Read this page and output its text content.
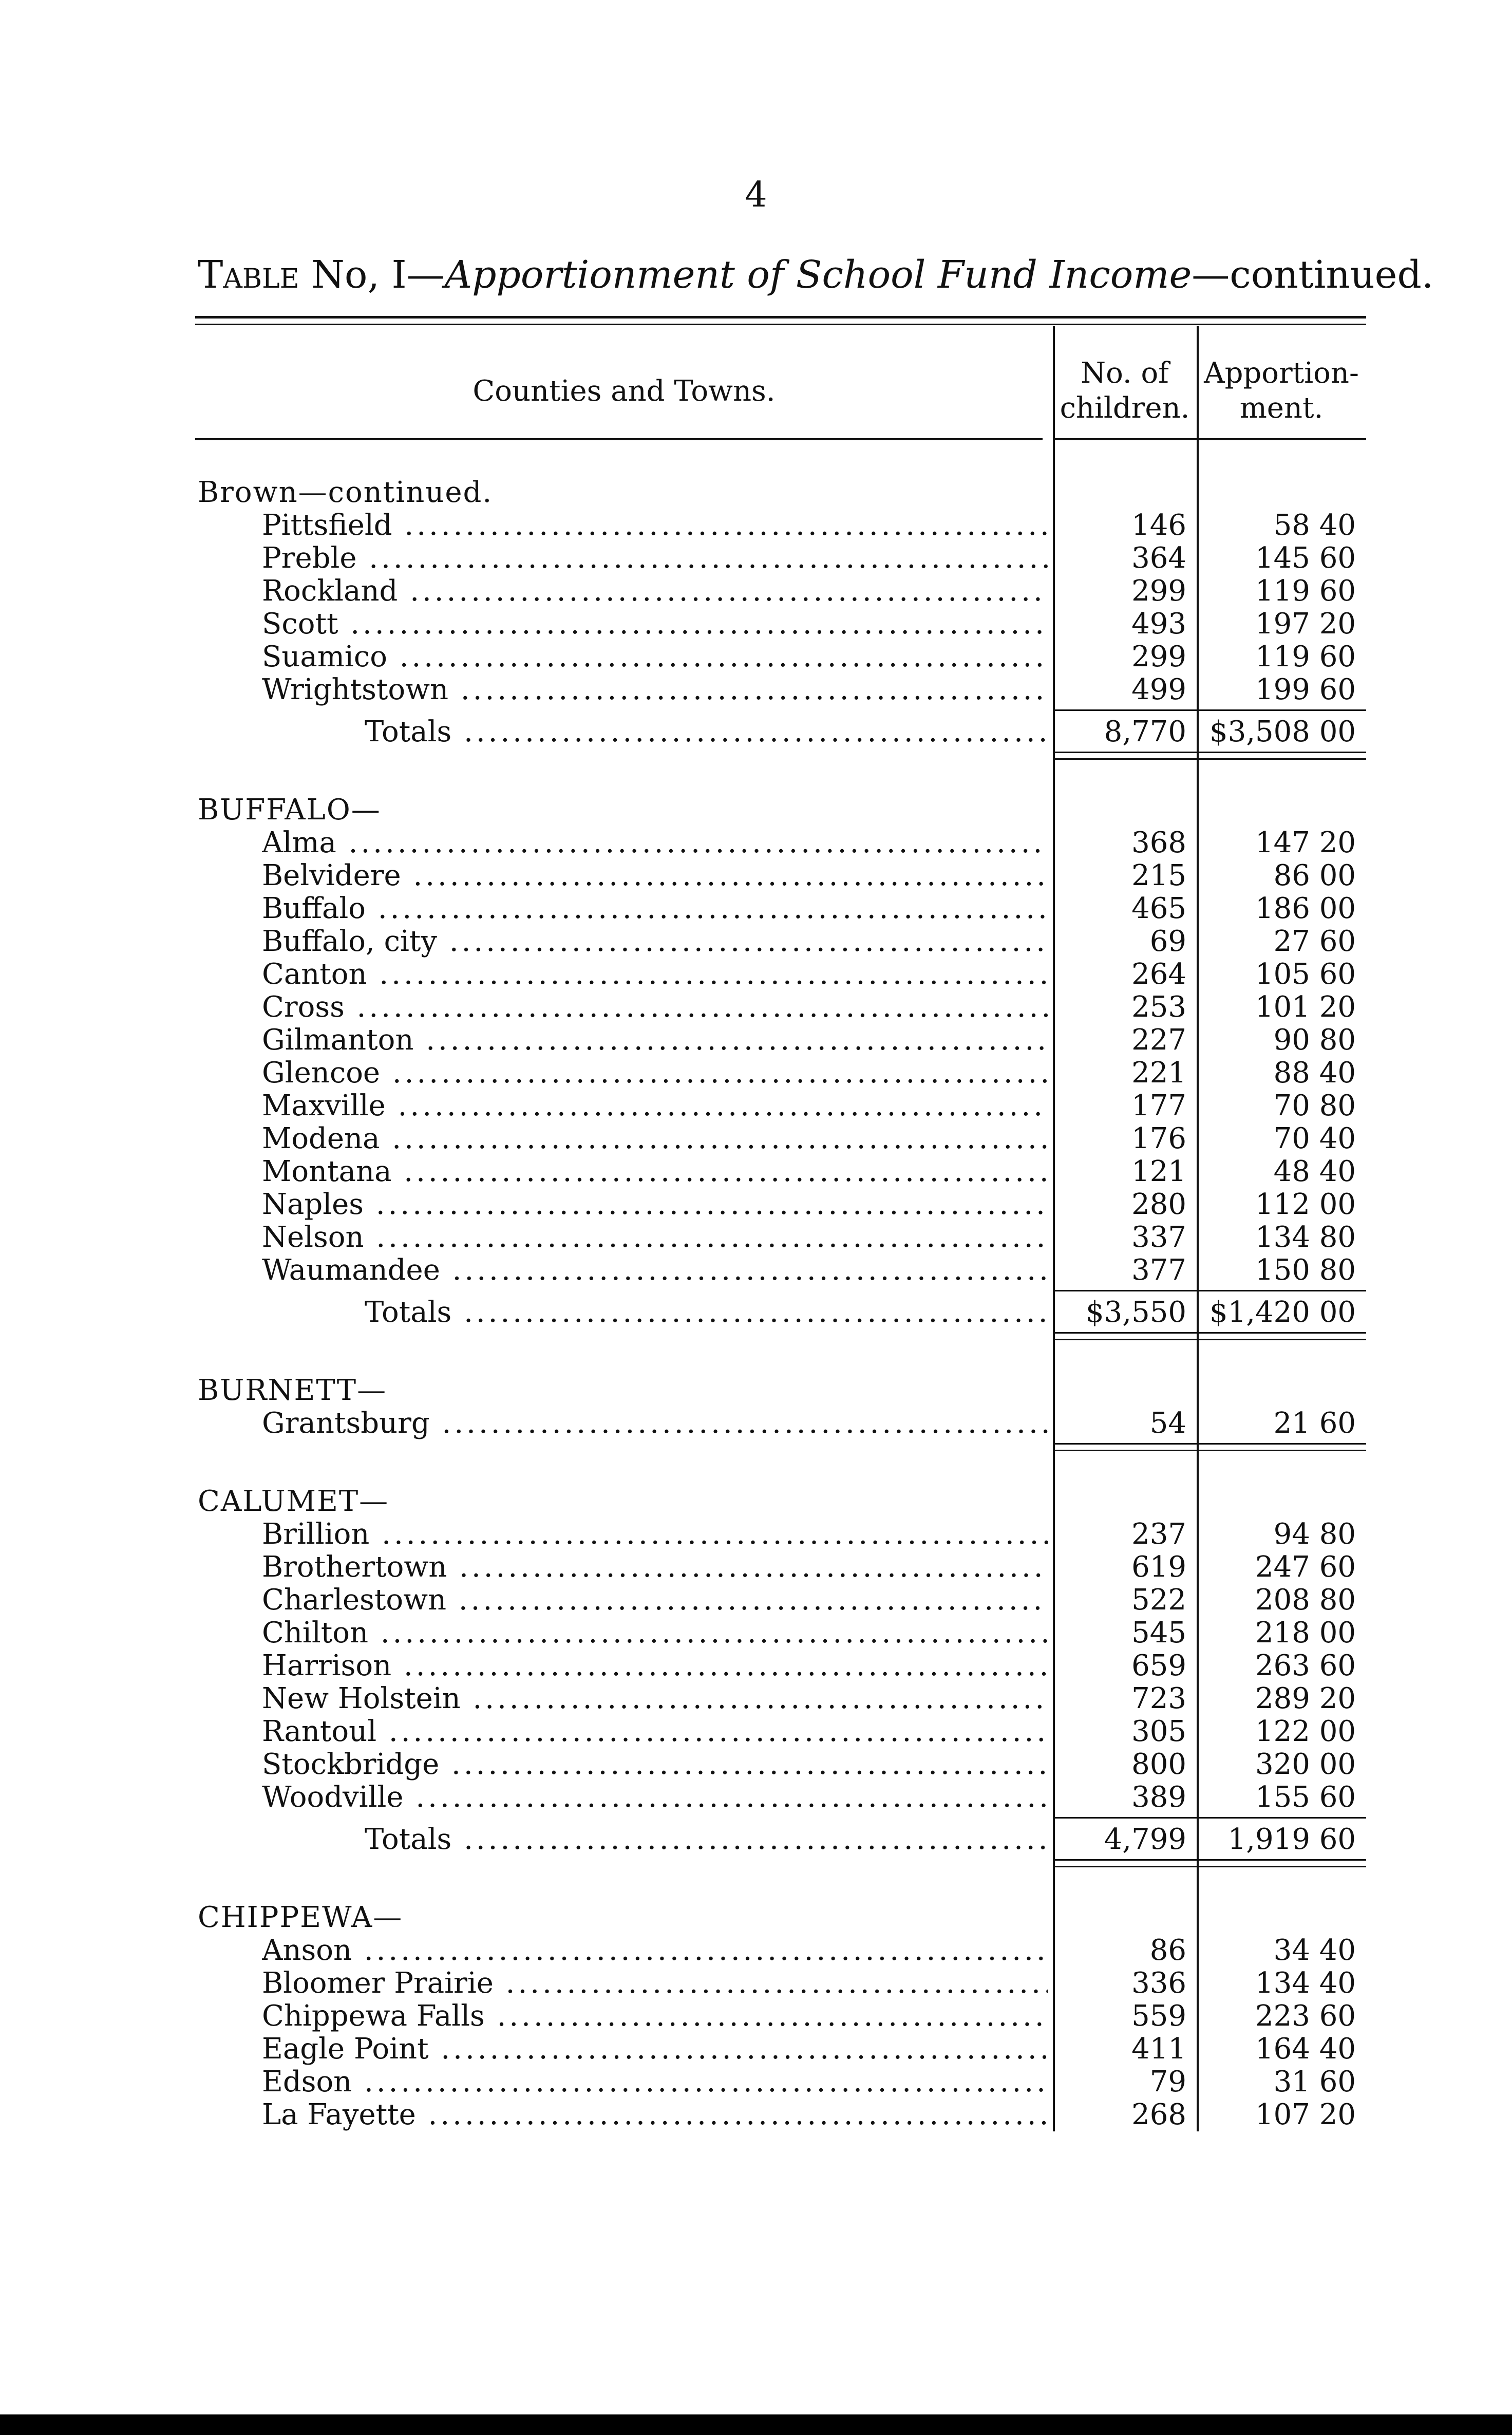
4
Table No, I—Apportionment of School Fund Income—continued.
Counties and Towns.
No. of
children.
Apportion-
ment.
Brown—continued.
Pittsfield .....	146	58 40
Preble .....	364	145 60
Rockland .....	299	119 60
Scott .....	493	197 20
Suamico .....	299	119 60
Wrightstown .....	499	199 60
Totals .....	8,770 $3,508 00
BUFFALO—
Alma .....	368	147 20
Belvidere .....	215	86 00
Buffalo .....	465	186 00
Buffalo, city .....	69	27 60
Canton .....	264	105 60
Cross .....	253	101 20
Gilmanton .....	227	90 80
Glencoe .....	221	88 40
Maxville .....	177	70 80
Modena .....	176	70 40
Montana .....	121	48 40
Naples .....	280	112 00
Nelson .....	337	134 80
Waumandee .....	377	150 80
Totals .....	$3,550 $1,420 00
BURNETT—
Grantsburg .....	54	21 60
CALUMET—
Brillion .....	237	94 80
Brothertown .....	619	247 60
Charlestown .....	522	208 80
Chilton .....	545	218 00
Harrison .....	659	263 60
New Holstein .....	723	289 20
Rantoul .....	305	122 00
Stockbridge .....	800	320 00
Woodville .....	389	155 60
Totals .....	4,799	1,919 60
CHIPPEWA—
Anson .....	86	34 40
Bloomer Prairie .....	336	134 40
Chippewa Falls .....	559	223 60
Eagle Point .....	411	164 40
Edson .....	79	31 60
La Fayette .....	268	107 20
